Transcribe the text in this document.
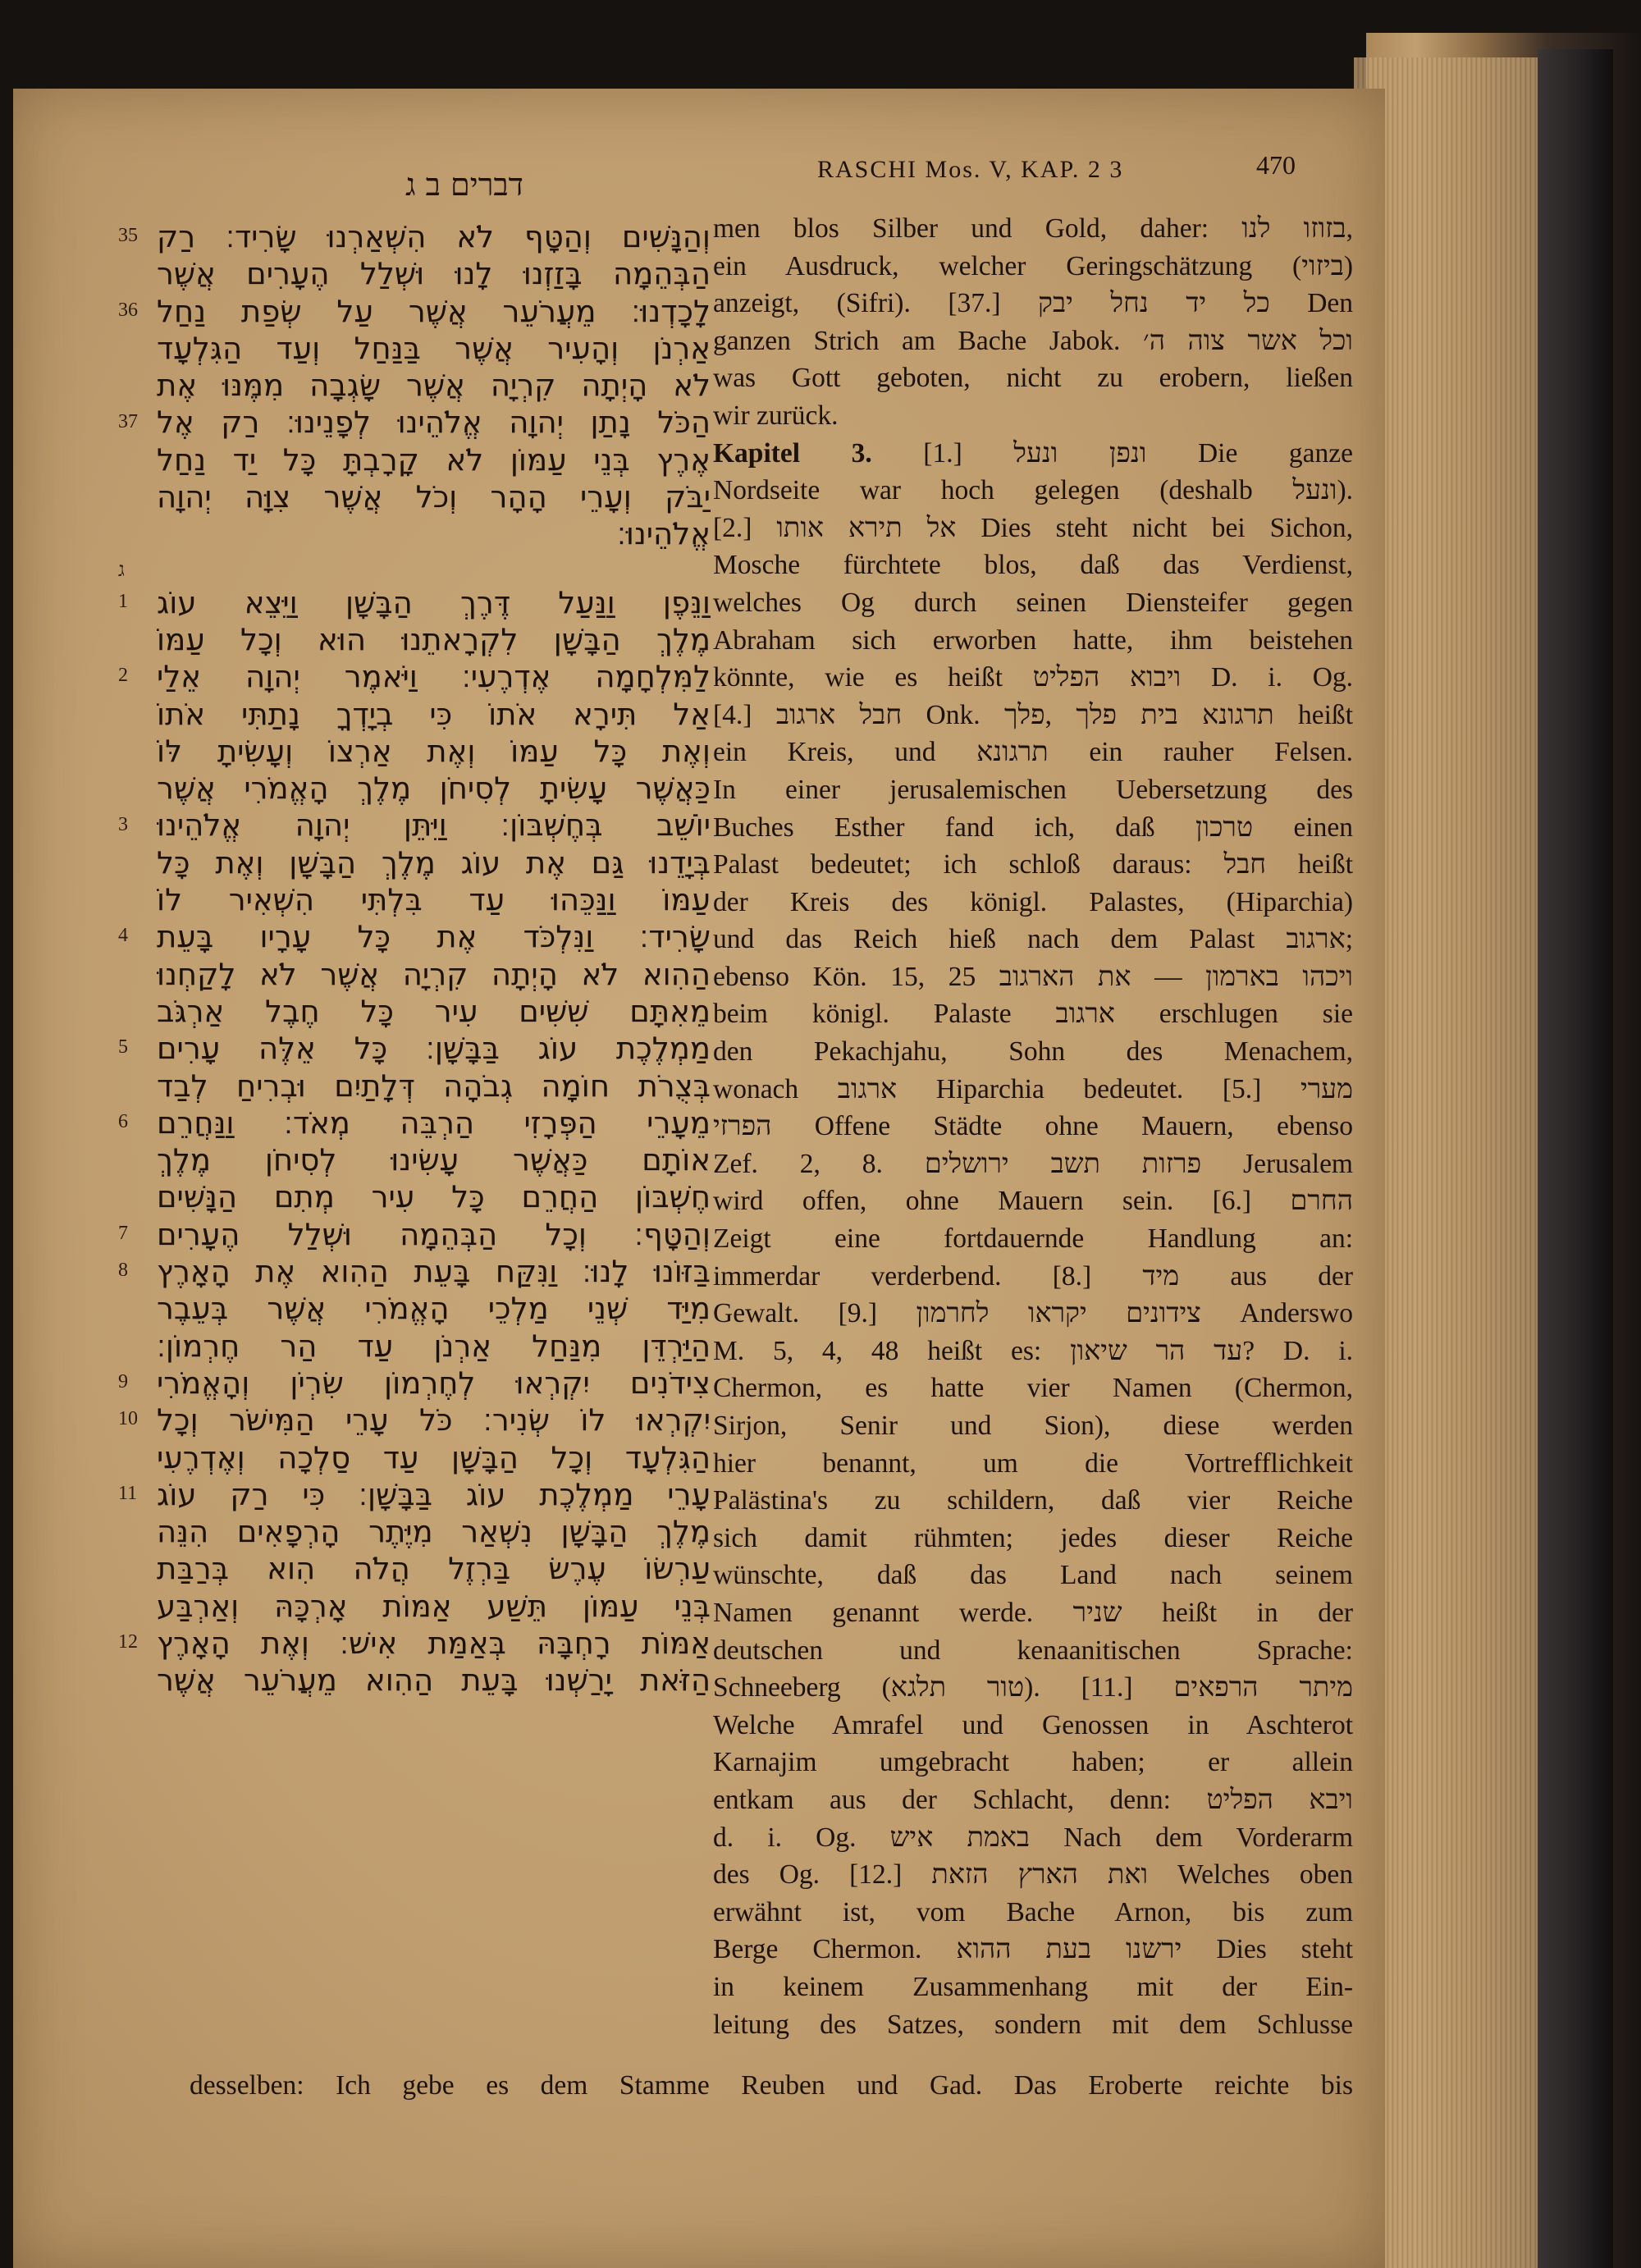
דברים ב ג	RASCHI Mos. V, KAP. 2 3	470
35
36
37
ג
1
2
3
4
5
6
7
8
9
10
11
12
וְהַנָּשִׁים וְהַטָּף לֹא הִשְׁאַרְנוּ שָׂרִיד׃ רַק
הַבְּהֵמָה בָּזַזְנוּ לָנוּ וּשְׁלַל הֶעָרִים אֲשֶׁר
לָכָדְנוּ׃ מֵעֲרֹעֵר אֲשֶׁר עַל שְׂפַת נַחַל
אַרְנֹן וְהָעִיר אֲשֶׁר בַּנַּחַל וְעַד הַגִּלְעָד
לֹא הָיְתָה קִרְיָה אֲשֶׁר שָׂגְבָה מִמֶּנּוּ אֶת
הַכֹּל נָתַן יְהוָה אֱלֹהֵינוּ לְפָנֵינוּ׃ רַק אֶל
אֶרֶץ בְּנֵי עַמּוֹן לֹא קָרָבְתָּ כָּל יַד נַחַל
יַבֹּק וְעָרֵי הָהָר וְכֹל אֲשֶׁר צִוָּה יְהוָה
אֱלֹהֵינוּ׃
וַנֵּפֶן וַנַּעַל דֶּרֶךְ הַבָּשָׁן וַיֵּצֵא עוֹג
מֶלֶךְ הַבָּשָׁן לִקְרָאתֵנוּ הוּא וְכָל עַמּוֹ
לַמִּלְחָמָה אֶדְרֶעִי׃ וַיֹּאמֶר יְהוָה אֵלַי
אַל תִּירָא אֹתוֹ כִּי בְיָדְךָ נָתַתִּי אֹתוֹ
וְאֶת כָּל עַמּוֹ וְאֶת אַרְצוֹ וְעָשִׂיתָ לּוֹ
כַּאֲשֶׁר עָשִׂיתָ לְסִיחֹן מֶלֶךְ הָאֱמֹרִי אֲשֶׁר
יוֹשֵׁב בְּחֶשְׁבּוֹן׃ וַיִּתֵּן יְהוָה אֱלֹהֵינוּ
בְּיָדֵנוּ גַּם אֶת עוֹג מֶלֶךְ הַבָּשָׁן וְאֶת כָּל
עַמּוֹ וַנַּכֵּהוּ עַד בִּלְתִּי הִשְׁאִיר לוֹ
שָׂרִיד׃ וַנִּלְכֹּד אֶת כָּל עָרָיו בָּעֵת
הַהִוא לֹא הָיְתָה קִרְיָה אֲשֶׁר לֹא לָקַחְנוּ
מֵאִתָּם שִׁשִּׁים עִיר כָּל חֶבֶל אַרְגֹּב
מַמְלֶכֶת עוֹג בַּבָּשָׁן׃ כָּל אֵלֶּה עָרִים
בְּצֻרֹת חוֹמָה גְבֹהָה דְּלָתַיִם וּבְרִיחַ לְבַד
מֵעָרֵי הַפְּרָזִי הַרְבֵּה מְאֹד׃ וַנַּחֲרֵם
אוֹתָם כַּאֲשֶׁר עָשִׂינוּ לְסִיחֹן מֶלֶךְ
חֶשְׁבּוֹן הַחֲרֵם כָּל עִיר מְתִם הַנָּשִׁים
וְהַטָּף׃ וְכָל הַבְּהֵמָה וּשְׁלַל הֶעָרִים
בַּזּוֹנוּ לָנוּ׃ וַנִּקַּח בָּעֵת הַהִוא אֶת הָאָרֶץ
מִיַּד שְׁנֵי מַלְכֵי הָאֱמֹרִי אֲשֶׁר בְּעֵבֶר
הַיַּרְדֵּן מִנַּחַל אַרְנֹן עַד הַר חֶרְמוֹן׃
צִידֹנִים יִקְרְאוּ לְחֶרְמוֹן שִׂרְיֹן וְהָאֱמֹרִי
יִקְרְאוּ לוֹ שְׂנִיר׃ כֹּל עָרֵי הַמִּישֹׁר וְכָל
הַגִּלְעָד וְכָל הַבָּשָׁן עַד סַלְכָה וְאֶדְרֶעִי
עָרֵי מַמְלֶכֶת עוֹג בַּבָּשָׁן׃ כִּי רַק עוֹג
מֶלֶךְ הַבָּשָׁן נִשְׁאַר מִיֶּתֶר הָרְפָאִים הִנֵּה
עַרְשׂוֹ עֶרֶשׂ בַּרְזֶל הֲלֹה הִוא בְּרַבַּת
בְּנֵי עַמּוֹן תֵּשַׁע אַמּוֹת אָרְכָּהּ וְאַרְבַּע
אַמּוֹת רָחְבָּהּ בְּאַמַּת אִישׁ׃ וְאֶת הָאָרֶץ
הַזֹּאת יָרַשְׁנוּ בָּעֵת הַהִוא מֵעֲרֹעֵר אֲשֶׁר
men blos Silber und Gold, daher: בזוזו לנו,
ein Ausdruck, welcher Geringschätzung (ביזוי)
anzeigt, (Sifri). [37.] כל יד נחל יבק Den
ganzen Strich am Bache Jabok. וכל אשר צוה ה׳
was Gott geboten, nicht zu erobern, ließen
wir zurück.
Kapitel 3. [1.] ונפן ונעל Die ganze
Nordseite war hoch gelegen (deshalb ונעל).
[2.] אל תירא אותו Dies steht nicht bei Sichon,
Mosche fürchtete blos, daß das Verdienst,
welches Og durch seinen Diensteifer gegen
Abraham sich erworben hatte, ihm beistehen
könnte, wie es heißt ויבוא הפליט D. i. Og.
[4.] חבל ארגוב Onk. תרגונא בית פלך ,פלך heißt
ein Kreis, und תרגונא ein rauher Felsen.
In einer jerusalemischen Uebersetzung des
Buches Esther fand ich, daß טרכון einen
Palast bedeutet; ich schloß daraus: חבל heißt
der Kreis des königl. Palastes, (Hiparchia)
und das Reich hieß nach dem Palast ארגוב;
ebenso Kön. 15, 25 ויכהו בארמון — את הארגוב
beim königl. Palaste ארגוב erschlugen sie
den Pekachjahu, Sohn des Menachem,
wonach ארגוב Hiparchia bedeutet. [5.] מערי
הפרזי Offene Städte ohne Mauern, ebenso
Zef. 2, 8. פרזות תשב ירושלים Jerusalem
wird offen, ohne Mauern sein. [6.] החרם
Zeigt eine fortdauernde Handlung an:
immerdar verderbend. [8.] מיד aus der
Gewalt. [9.] צידונים יקראו לחרמון Anderswo
M. 5, 4, 48 heißt es: עד הר שיאון? D. i.
Chermon, es hatte vier Namen (Chermon,
Sirjon, Senir und Sion), diese werden
hier benannt, um die Vortrefflichkeit
Palästina's zu schildern, daß vier Reiche
sich damit rühmten; jedes dieser Reiche
wünschte, daß das Land nach seinem
Namen genannt werde. שניר heißt in der
deutschen und kenaanitischen Sprache:
Schneeberg (טור תלגא). [11.] מיתר הרפאים
Welche Amrafel und Genossen in Aschterot
Karnajim umgebracht haben; er allein
entkam aus der Schlacht, denn: ויבא הפליט
d. i. Og. באמת איש Nach dem Vorderarm
des Og. [12.] ואת הארץ הזאת Welches oben
erwähnt ist, vom Bache Arnon, bis zum
Berge Chermon. ירשנו בעת ההוא Dies steht
in keinem Zusammenhang mit der Ein-
leitung des Satzes, sondern mit dem Schlusse
desselben: Ich gebe es dem Stamme Reuben und Gad. Das Eroberte reichte bis
